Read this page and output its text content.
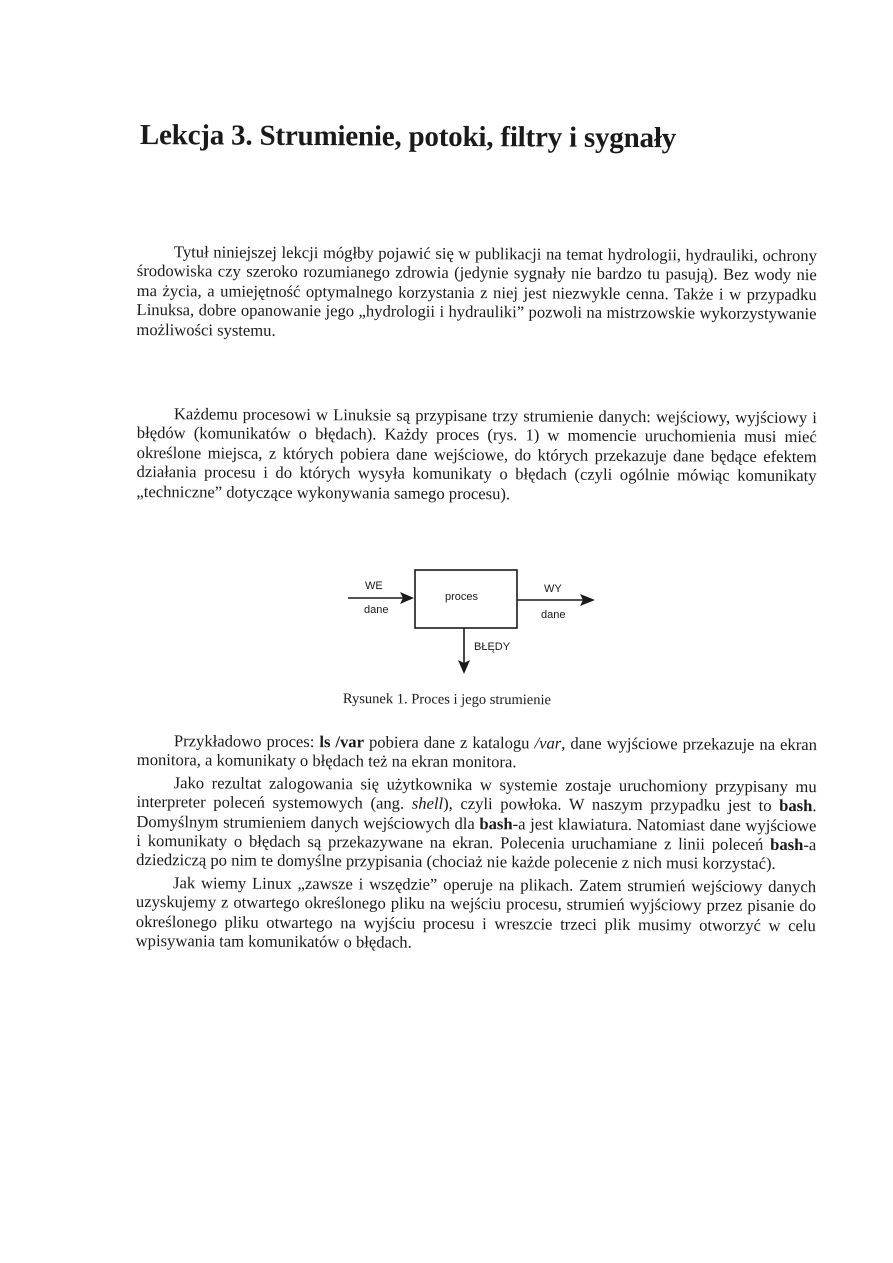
Lekcja 3. Strumienie, potoki, filtry i sygnały

Tytuł niniejszej lekcji mógłby pojawić się w publikacji na temat hydrologii, hydrauliki, ochrony środowiska czy szeroko rozumianego zdrowia (jedynie sygnały nie bardzo tu pasują). Bez wody nie ma życia, a umiejętność optymalnego korzystania z niej jest niezwykle cenna. Także i w przypadku Linuksa, dobre opanowanie jego „hydrologii i hydrauliki” pozwoli na mistrzowskie wykorzystywanie możliwości systemu.

Każdemu procesowi w Linuksie są przypisane trzy strumienie danych: wejściowy, wyjściowy i błędów (komunikatów o błędach). Każdy proces (rys. 1) w momencie uruchomienia musi mieć określone miejsca, z których pobiera dane wejściowe, do których przekazuje dane będące efektem działania procesu i do których wysyła komunikaty o błędach (czyli ogólnie mówiąc komunikaty „techniczne” dotyczące wykonywania samego procesu).

proces
WE
dane
WY
dane
BŁĘDY

Rysunek 1. Proces i jego strumienie

Przykładowo proces: ls /var pobiera dane z katalogu /var, dane wyjściowe przekazuje na ekran monitora, a komunikaty o błędach też na ekran monitora.

Jako rezultat zalogowania się użytkownika w systemie zostaje uruchomiony przypisany mu interpreter poleceń systemowych (ang. shell), czyli powłoka. W naszym przypadku jest to bash. Domyślnym strumieniem danych wejściowych dla bash-a jest klawiatura. Natomiast dane wyjściowe i komunikaty o błędach są przekazywane na ekran. Polecenia uruchamiane z linii poleceń bash-a dziedziczą po nim te domyślne przypisania (chociaż nie każde polecenie z nich musi korzystać).

Jak wiemy Linux „zawsze i wszędzie” operuje na plikach. Zatem strumień wejściowy danych uzyskujemy z otwartego określonego pliku na wejściu procesu, strumień wyjściowy przez pisanie do określonego pliku otwartego na wyjściu procesu i wreszcie trzeci plik musimy otworzyć w celu wpisywania tam komunikatów o błędach.
